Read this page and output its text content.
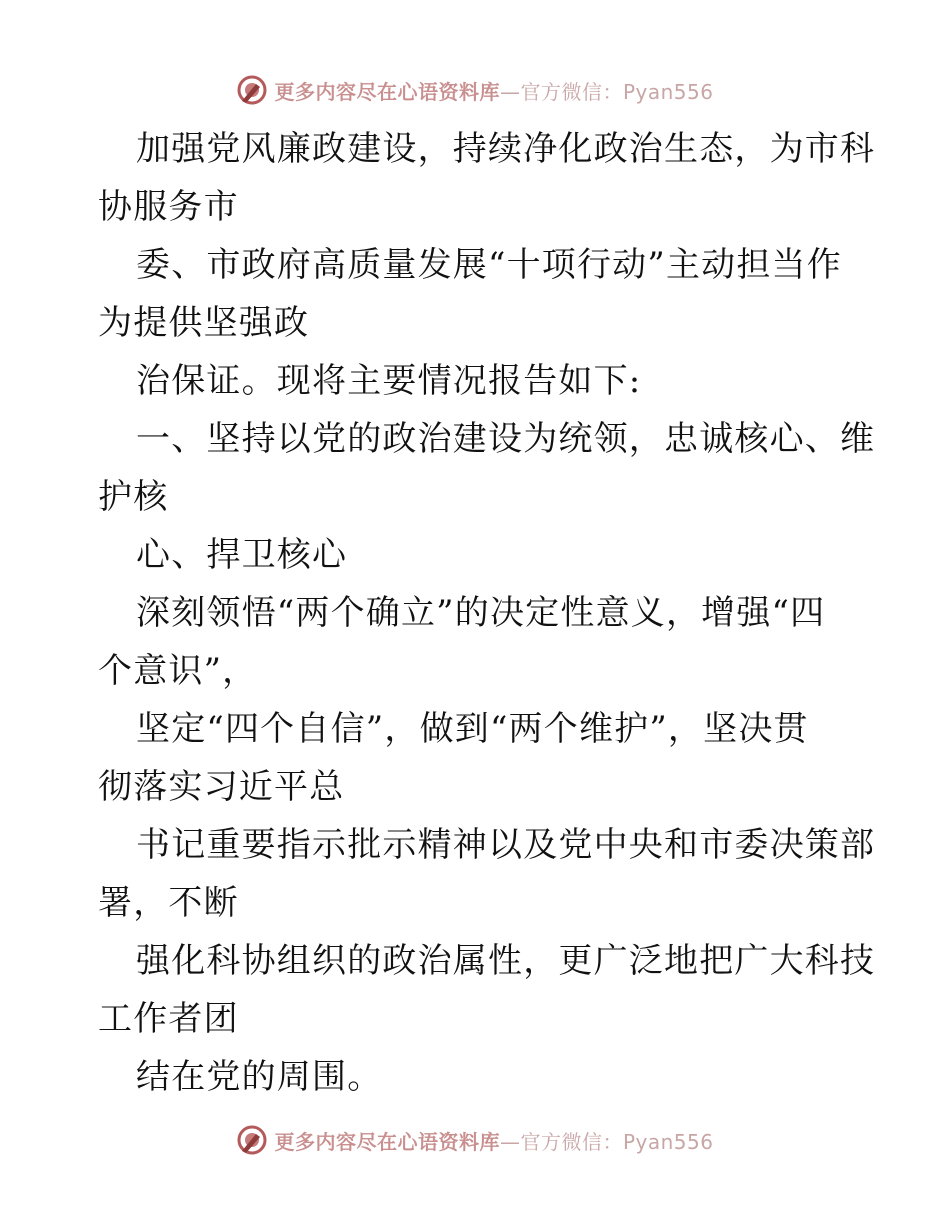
更多内容尽在心语资料库—官方微信：Pyan556
加强党风廉政建设，持续净化政治生态，为市科
协服务市
委、市政府高质量发展“十项行动”主动担当作
为提供坚强政
治保证。现将主要情况报告如下:
一、坚持以党的政治建设为统领，忠诚核心、维
护核
心、捍卫核心
深刻领悟“两个确立”的决定性意义，增强“四
个意识”，
坚定“四个自信”，做到“两个维护”，坚决贯
彻落实习近平总
书记重要指示批示精神以及党中央和市委决策部
署，不断
强化科协组织的政治属性，更广泛地把广大科技
工作者团
结在党的周围。
更多内容尽在心语资料库—官方微信：Pyan556
